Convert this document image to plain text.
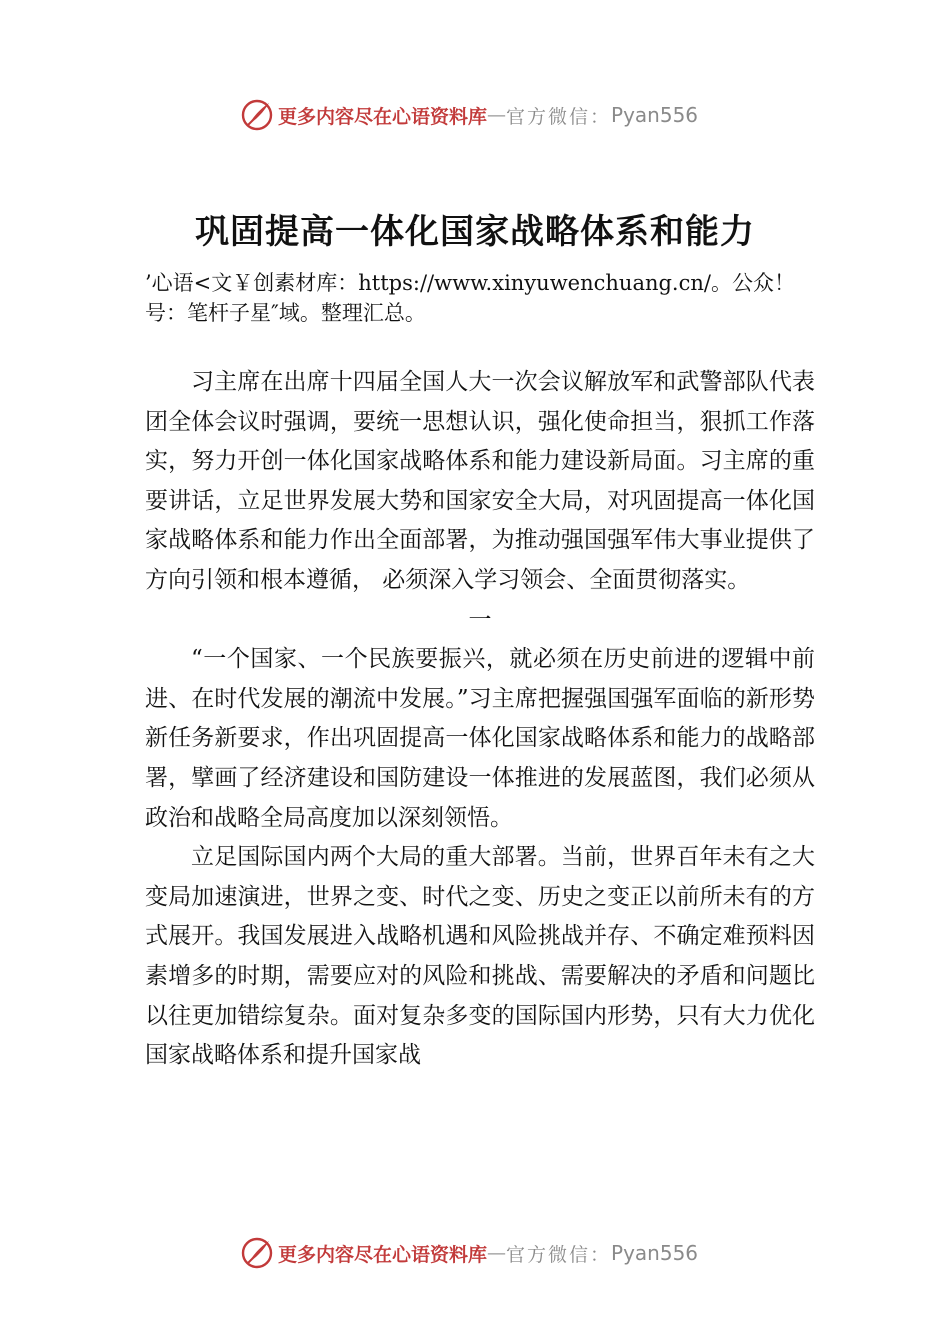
更多内容尽在心语资料库 — 官方微信： Pyan556
巩固提高一体化国家战略体系和能力
’心语<文￥创素材库：https://www.xinyuwenchuang.cn/。公众！号：笔杆子星″域。整理汇总。

习主席在出席十四届全国人大一次会议解放军和武警部队代表团全体会议时强调，要统一思想认识，强化使命担当，狠抓工作落实，努力开创一体化国家战略体系和能力建设新局面。习主席的重要讲话，立足世界发展大势和国家安全大局，对巩固提高一体化国家战略体系和能力作出全面部署，为推动强国强军伟大事业提供了方向引领和根本遵循， 必须深入学习领会、全面贯彻落实。

一

“一个国家、一个民族要振兴，就必须在历史前进的逻辑中前进、在时代发展的潮流中发展。”习主席把握强国强军面临的新形势新任务新要求，作出巩固提高一体化国家战略体系和能力的战略部署，擘画了经济建设和国防建设一体推进的发展蓝图，我们必须从政治和战略全局高度加以深刻领悟。

立足国际国内两个大局的重大部署。当前，世界百年未有之大变局加速演进，世界之变、时代之变、历史之变正以前所未有的方式展开。我国发展进入战略机遇和风险挑战并存、不确定难预料因素增多的时期，需要应对的风险和挑战、需要解决的矛盾和问题比以往更加错综复杂。面对复杂多变的国际国内形势，只有大力优化国家战略体系和提升国家战

更多内容尽在心语资料库 — 官方微信： Pyan556
